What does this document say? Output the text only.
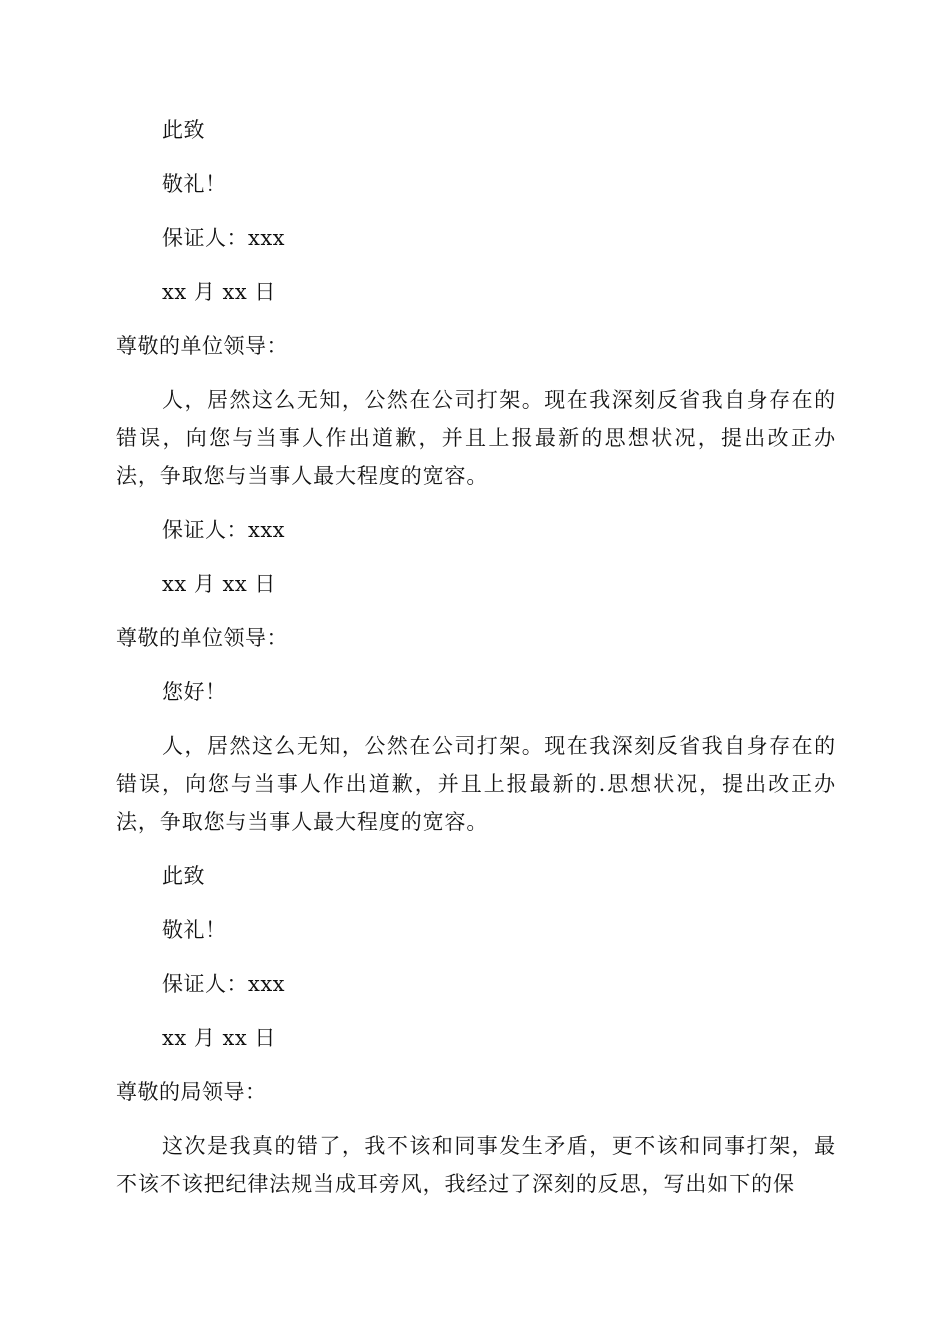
此致
敬礼！
保证人：xxx
xx 月 xx 日
尊敬的单位领导：
人，居然这么无知，公然在公司打架。现在我深刻反省我自身存在的错误，向您与当事人作出道歉，并且上报最新的思想状况，提出改正办法，争取您与当事人最大程度的宽容。
保证人：xxx
xx 月 xx 日
尊敬的单位领导：
您好！
人，居然这么无知，公然在公司打架。现在我深刻反省我自身存在的错误，向您与当事人作出道歉，并且上报最新的.思想状况，提出改正办法，争取您与当事人最大程度的宽容。
此致
敬礼！
保证人：xxx
xx 月 xx 日
尊敬的局领导：
这次是我真的错了，我不该和同事发生矛盾，更不该和同事打架，最不该不该把纪律法规当成耳旁风，我经过了深刻的反思，写出如下的保
